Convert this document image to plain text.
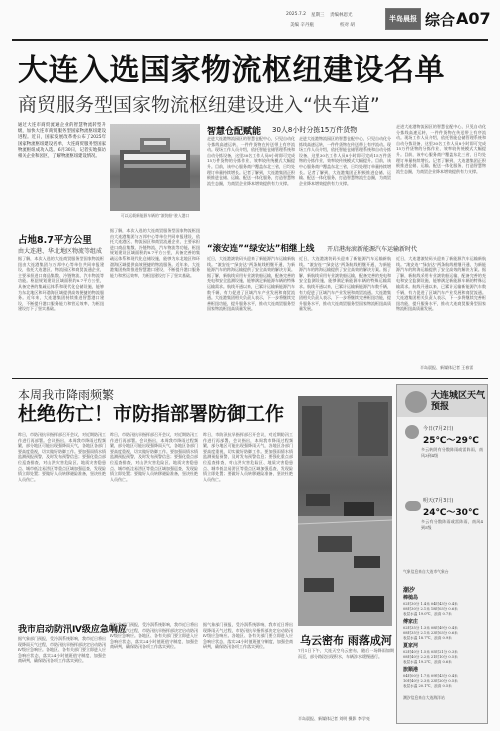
2025.7.2 星期三 责编林恩光
美编 辛丹瓶	校对 胡
半岛晨报 综合 A07
大连入选国家物流枢纽建设名单
商贸服务型国家物流枢纽建设进入“快车道”
通过大连市商贸流通企业的智慧物流转型升级，加快大连市商贸服务型国家物流枢纽建设进程。近日，国家发展改革委公布了2025年国家物流枢纽建设名单，大连商贸服务型国家物流枢纽成功入选。6月30日，记者实地探访相关企业和园区，了解物流枢纽建设情况。
可以运载新能源车辆的“滚装船”驶入港口
占地8.7平方公里
由大连港、华北地区物流等组成
据了解，本次入选的大连商贸服务型国家物流枢纽由大连港集团与万邦中心等单位共同申报建设，依托大连港区、物流园区和商贸流通企业，主要承担进口商品集散、冷链物流、汽车物流等功能。枢纽规划建设区域面积约8.7平方公里，具备完善的集疏运体系和现代化仓储设施，能够为东北地区和环渤海区域提供高效便捷的物流服务。近年来，大连港集团持续推进智慧港口建设，不断提升港口服务能力和营运效率，为枢纽建设打下了坚实基础。
据了解，本次入选的大连商贸服务型国家物流枢纽由大连港集团与万邦中心等单位共同申报建设，依托大连港区、物流园区和商贸流通企业，主要承担进口商品集散、冷链物流、汽车物流等功能。枢纽规划建设区域面积约8.7平方公里，具备完善的集疏运体系和现代化仓储设施，能够为东北地区和环渤海区域提供高效便捷的物流服务。近年来，大连港集团持续推进智慧港口建设，不断提升港口服务能力和营运效率，为枢纽建设打下了坚实基础。
智慧仓配赋能 30人8小时分拣15万件货物
走进大连港物流园区的智慧仓配中心，只见自动化分拣线高速运转，一件件货物在传送带上有序流动。现场工作人员介绍，依托智能仓储管理系统和自动分拣设备，这里30名工作人员8小时即可完成15万件货物的分拣作业，效率较传统模式大幅提升。目前，该中心服务商户覆盖东北三省，日均处理订单量持续增长。记者了解到，大连港集团正积极推进仓储、运输、配送一体化服务，打造智慧物流生态圈，为商贸企业降本增效提供有力支撑。
走进大连港物流园区的智慧仓配中心，只见自动化分拣线高速运转，一件件货物在传送带上有序流动。现场工作人员介绍，依托智能仓储管理系统和自动分拣设备，这里30名工作人员8小时即可完成15万件货物的分拣作业，效率较传统模式大幅提升。目前，该中心服务商户覆盖东北三省，日均处理订单量持续增长。记者了解到，大连港集团正积极推进仓储、运输、配送一体化服务，打造智慧物流生态圈，为商贸企业降本增效提供有力支撑。
走进大连港物流园区的智慧仓配中心，只见自动化分拣线高速运转，一件件货物在传送带上有序流动。现场工作人员介绍，依托智能仓储管理系统和自动分拣设备，这里30名工作人员8小时即可完成15万件货物的分拣作业，效率较传统模式大幅提升。目前，该中心服务商户覆盖东北三省，日均处理订单量持续增长。记者了解到，大连港集团正积极推进仓储、运输、配送一体化服务，打造智慧物流生态圈，为商贸企业降本增效提供有力支撑。
“滚安连”“绿安达”相继上线 开启港海滚新能源汽车运输新时代
近日，大连港滚装码头迎来了新能源汽车运输新航线。“滚安连”“绿安达”两条航线相继开通，为新能源汽车的跨海运输提供了安全高效的解决方案。据了解，新航线采用专业滚装船运输，配备完善的充电和安全监测设施，能够满足新能源车辆的特殊运输需求。航线开通以来，已累计运输新能源汽车数千辆，有力促进了区域汽车产业发展和商贸流通。大连港集团相关负责人表示，下一步将继续完善枢纽功能，提升服务水平，推动大连商贸服务型国家物流枢纽高质量发展。
近日，大连港滚装码头迎来了新能源汽车运输新航线。“滚安连”“绿安达”两条航线相继开通，为新能源汽车的跨海运输提供了安全高效的解决方案。据了解，新航线采用专业滚装船运输，配备完善的充电和安全监测设施，能够满足新能源车辆的特殊运输需求。航线开通以来，已累计运输新能源汽车数千辆，有力促进了区域汽车产业发展和商贸流通。大连港集团相关负责人表示，下一步将继续完善枢纽功能，提升服务水平，推动大连商贸服务型国家物流枢纽高质量发展。
近日，大连港滚装码头迎来了新能源汽车运输新航线。“滚安连”“绿安达”两条航线相继开通，为新能源汽车的跨海运输提供了安全高效的解决方案。据了解，新航线采用专业滚装船运输，配备完善的充电和安全监测设施，能够满足新能源车辆的特殊运输需求。航线开通以来，已累计运输新能源汽车数千辆，有力促进了区域汽车产业发展和商贸流通。大连港集团相关负责人表示，下一步将继续完善枢纽功能，提升服务水平，推动大连商贸服务型国家物流枢纽高质量发展。
半岛晨报、新媒体记者 王春雷
本周我市降雨频繁
杜绝伤亡！市防指部署防御工作
昨日，市防汛抗旱指挥部召开会议，对近期防汛工作进行再部署。会议指出，本周我市降雨过程频繁，部分地区可能出现强降雨天气，各地区各部门要高度重视，切实做好防御工作。要加强雨情水情监测预报预警，及时发布预警信息；要强化重点部位巡查排查，对山洪灾害危险区、地质灾害隐患点、城市低洼易涝区等重点区域加强巡查，发现险情立即处置；要做好人员转移避险准备，坚决杜绝人员伤亡。
昨日，市防汛抗旱指挥部召开会议，对近期防汛工作进行再部署。会议指出，本周我市降雨过程频繁，部分地区可能出现强降雨天气，各地区各部门要高度重视，切实做好防御工作。要加强雨情水情监测预报预警，及时发布预警信息；要强化重点部位巡查排查，对山洪灾害危险区、地质灾害隐患点、城市低洼易涝区等重点区域加强巡查，发现险情立即处置；要做好人员转移避险准备，坚决杜绝人员伤亡。
昨日，市防汛抗旱指挥部召开会议，对近期防汛工作进行再部署。会议指出，本周我市降雨过程频繁，部分地区可能出现强降雨天气，各地区各部门要高度重视，切实做好防御工作。要加强雨情水情监测预报预警，及时发布预警信息；要强化重点部位巡查排查，对山洪灾害危险区、地质灾害隐患点、城市低洼易涝区等重点区域加强巡查，发现险情立即处置；要做好人员转移避险准备，坚决杜绝人员伤亡。
我市启动防汛Ⅳ级应急响应
据气象部门预报，受冷涡系统影响，我市近日将出现降雨天气过程，市防汛抗旱指挥部决定启动防汛Ⅳ级应急响应。各地区、各有关部门要立即进入应急响应状态，落实24小时值班值守制度，加强会商研判，确保防汛各项工作落实到位。
据气象部门预报，受冷涡系统影响，我市近日将出现降雨天气过程，市防汛抗旱指挥部决定启动防汛Ⅳ级应急响应。各地区、各有关部门要立即进入应急响应状态，落实24小时值班值守制度，加强会商研判，确保防汛各项工作落实到位。
据气象部门预报，受冷涡系统影响，我市近日将出现降雨天气过程，市防汛抗旱指挥部决定启动防汛Ⅳ级应急响应。各地区、各有关部门要立即进入应急响应状态，落实24小时值班值守制度，加强会商研判，确保防汛各项工作落实到位。	乌云密布 雨落成河
7月1日下午，大连天空乌云密布，随后一场降雨如期而至，部分路段出现积水，车辆涉水缓慢通行。
半岛晨报、新媒体记者 刘明 摄影 李学亮
大连城区天气预报
今日(7月2日)
25℃～29℃
多云转阴有分散阵雨或雷阵雨，南风3到4级
明天(7月3日)
24℃～30℃
多云有分散阵雨或雷阵雨，南风4到5级
气象信息来自大连市气象台
潮汐
棒槌岛
02时30分 1.4米 04时43分 0.4米
08时30分 2.1米 18时03分 0.6米
表层水温 19.0℃，浪高 0.7米
傅家庄
02时35分 1.3米 08时49分 0.4米
08时35分 2.1米 23时03分 0.6米
表层水温 18.7℃，浪高 0.9米
夏家河
02时40分 1.5米 05时21分 0.3米
08时40分 2.2米 21时10分 0.5米
表层水温 19.2℃，浪高 0.6米
旅顺港
04时00分 1.7米 09时43分 0.4米
10时40分 2.3米 23时20分 0.5米
表层水温 20.1℃，浪高 0.5米
潮汐信息来自大连海洋站
